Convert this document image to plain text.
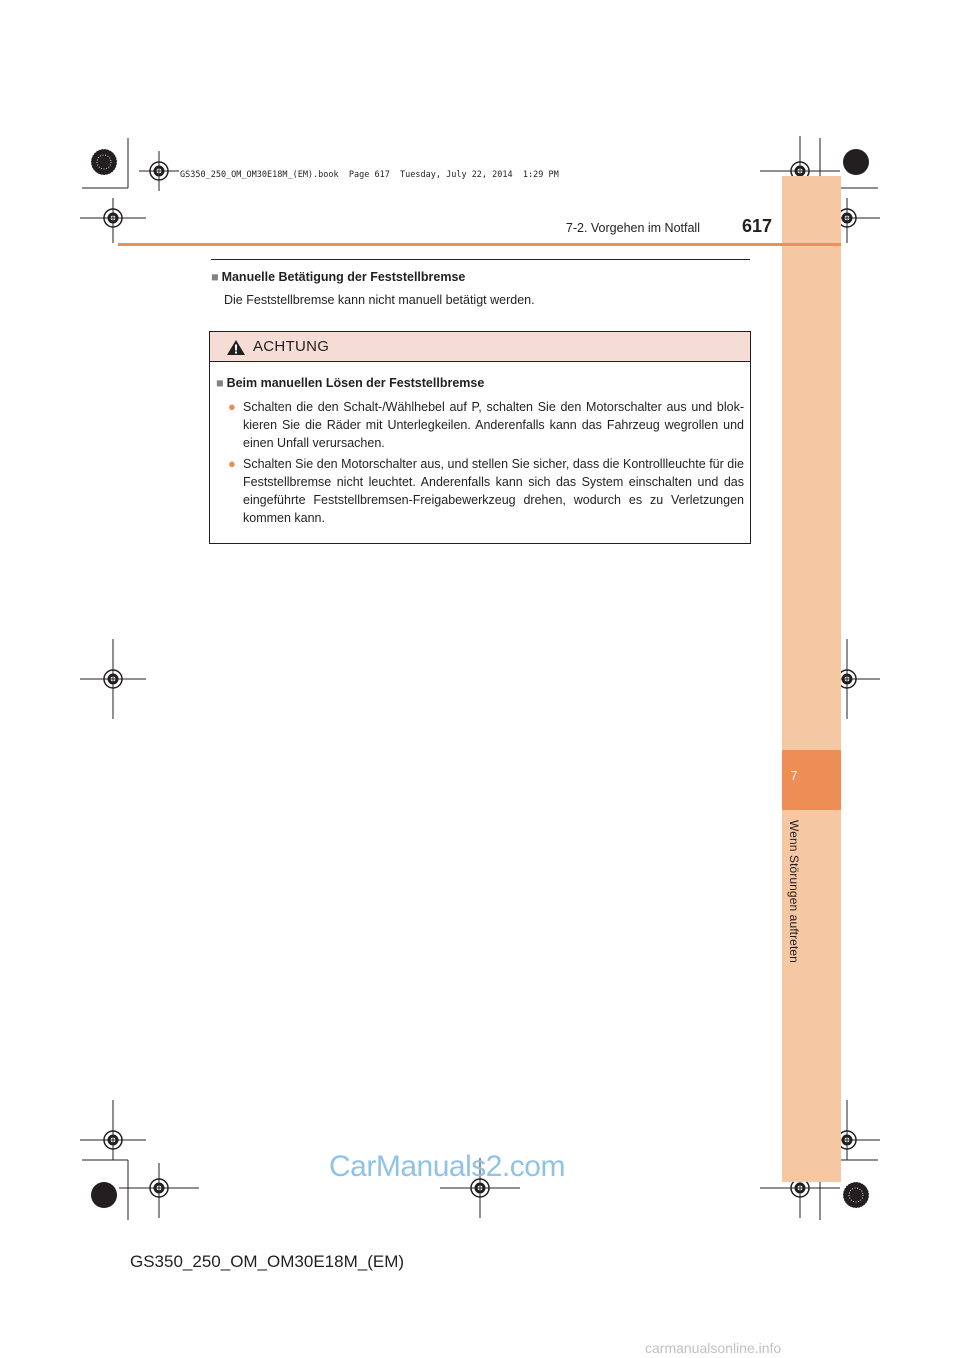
7
Wenn Störungen auftreten
GS350_250_OM_OM30E18M_(EM).book  Page 617  Tuesday, July 22, 2014  1:29 PM
7-2. Vorgehen im Notfall 617
■ Manuelle Betätigung der Feststellbremse
Die Feststellbremse kann nicht manuell betätigt werden.
ACHTUNG
■ Beim manuellen Lösen der Feststellbremse
● Schalten die den Schalt-/Wählhebel auf P, schalten Sie den Motorschalter aus und blok-kieren Sie die Räder mit Unterlegkeilen. Anderenfalls kann das Fahrzeug wegrollen und einen Unfall verursachen.
● Schalten Sie den Motorschalter aus, und stellen Sie sicher, dass die Kontrollleuchte für die Feststellbremse nicht leuchtet. Anderenfalls kann sich das System einschalten und das eingeführte Feststellbremsen-Freigabewerkzeug drehen, wodurch es zu Verletzungen kommen kann.
CarManuals2.com
GS350_250_OM_OM30E18M_(EM)
carmanualsonline.info
